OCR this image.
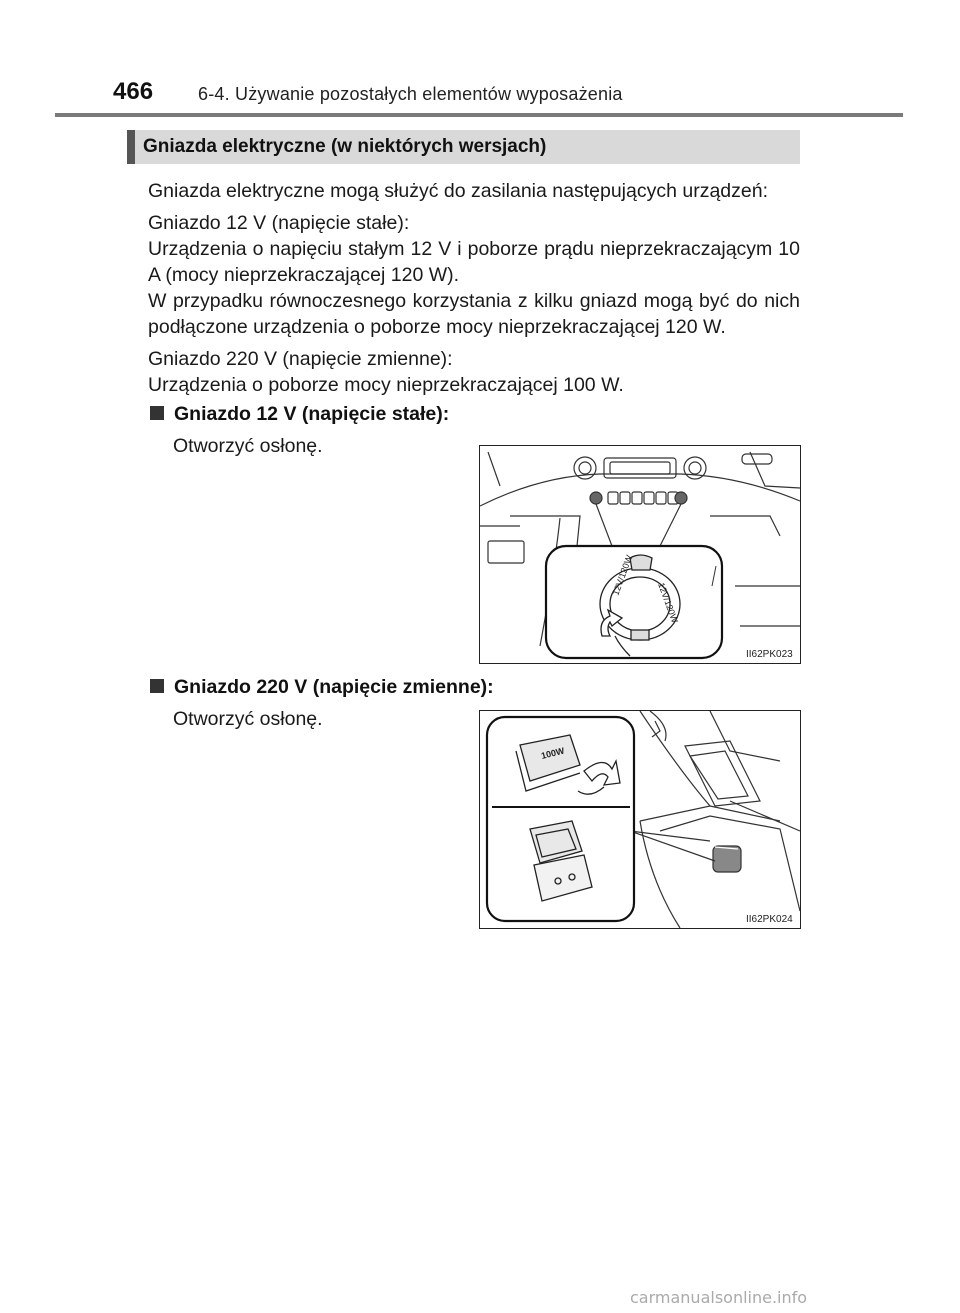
466 6-4. Używanie pozostałych elementów wyposażenia
Gniazda elektryczne (w niektórych wersjach)
Gniazda elektryczne mogą służyć do zasilania następujących urządzeń:
Gniazdo 12 V (napięcie stałe):
Urządzenia o napięciu stałym 12 V i poborze prądu nieprzekraczającym 10 A (mocy nieprzekraczającej 120 W).
W przypadku równoczesnego korzystania z kilku gniazd mogą być do nich podłączone urządzenia o poborze mocy nieprzekraczającej 120 W.
Gniazdo 220 V (napięcie zmienne):
Urządzenia o poborze mocy nieprzekraczającej 100 W.
Gniazdo 12 V (napięcie stałe):
Otworzyć osłonę.
12V/120W
12V/120W
II62PK023
Gniazdo 220 V (napięcie zmienne):
Otworzyć osłonę.
100W
II62PK024
carmanualsonline.info
